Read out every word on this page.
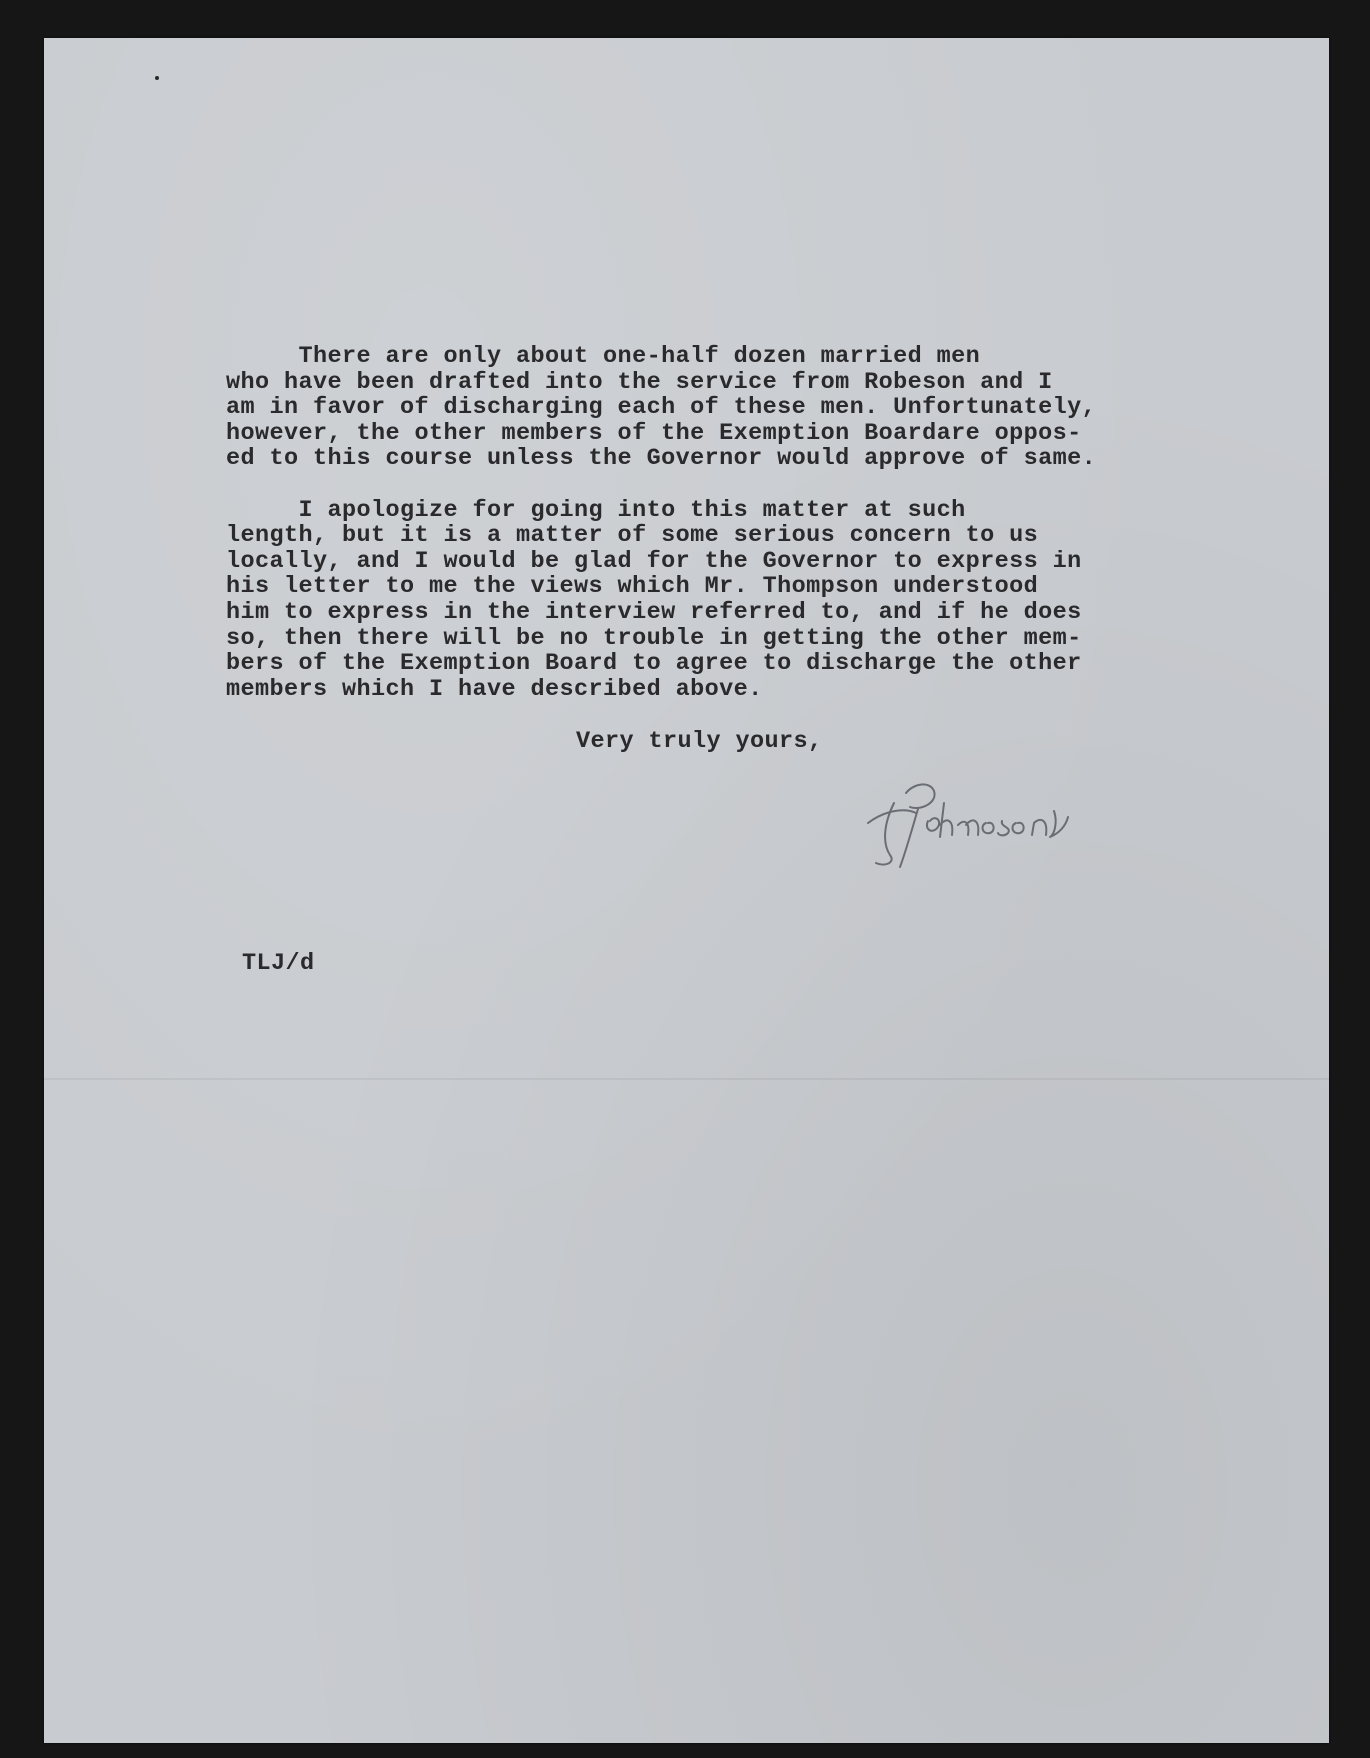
There are only about one-half dozen married men
who have been drafted into the service from Robeson and I
am in favor of discharging each of these men. Unfortunately,
however, the other members of the Exemption Boardare oppos-
ed to this course unless the Governor would approve of same.

I apologize for going into this matter at such
length, but it is a matter of some serious concern to us
locally, and I would be glad for the Governor to express in
his letter to me the views which Mr. Thompson understood
him to express in the interview referred to, and if he does
so, then there will be no trouble in getting the other mem-
bers of the Exemption Board to agree to discharge the other
members which I have described above.

Very truly yours,
TLJ/d
